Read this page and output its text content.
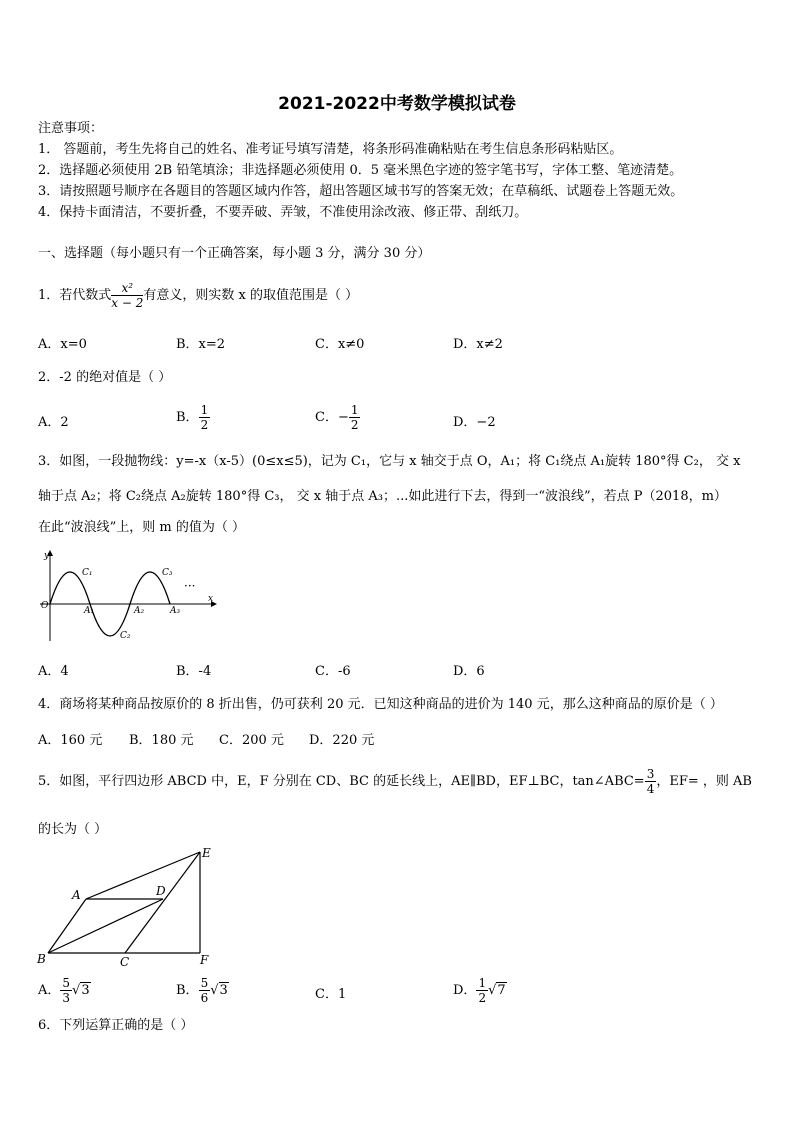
2021-2022中考数学模拟试卷
注意事项：
1． 答题前，考生先将自己的姓名、准考证号填写清楚，将条形码准确粘贴在考生信息条形码粘贴区。
2．选择题必须使用 2B 铅笔填涂；非选择题必须使用 0．5 毫米黑色字迹的签字笔书写，字体工整、笔迹清楚。
3．请按照题号顺序在各题目的答题区域内作答，超出答题区域书写的答案无效；在草稿纸、试题卷上答题无效。
4．保持卡面清洁，不要折叠，不要弄破、弄皱，不准使用涂改液、修正带、刮纸刀。
一、选择题（每小题只有一个正确答案，每小题 3 分，满分 30 分）
1．若代数式 $\frac{\text{x²}}{x - 2}$ 有意义，则实数 x 的取值范围是（ ）
A．x=0	B．x=2	C．x≠0	D．x≠2
2．-2 的绝对值是（ ）
A．2	B． $\frac{1}{2}$	C．− $\frac{1}{2}$	D．−2
3．如图，一段抛物线：y=-x（x-5）(0≤x≤5)，记为 C₁，它与 x 轴交于点 O，A₁；将 C₁绕点 A₁旋转 180°得 C₂， 交 x
轴于点 A₂；将 C₂绕点 A₂旋转 180°得 C₃， 交 x 轴于点 A₃；...如此进行下去，得到一“波浪线”，若点 P（2018，m）
在此“波浪线”上，则 m 的值为（ ）
y
x
O
C₁
C₂
C₃
A₁	A₂	A₃
···
A．4	B．-4	C．-6	D．6
4．商场将某种商品按原价的 8 折出售，仍可获利 20 元．已知这种商品的进价为 140 元，那么这种商品的原价是（ ）
A．160 元 B．180 元 C．200 元 D．220 元
5．如图，平行四边形 ABCD 中，E，F 分别在 CD、BC 的延长线上，AE∥BD，EF⊥BC，tan∠ABC= $\frac{3}{4}$ ，EF= ，则 AB
的长为（ ）
A
B	C
D
E
F
A． $\frac{5}{3} √3$	B． $\frac{5}{6} √3$	C．1	D． $\frac{1}{2} √7$
6．下列运算正确的是（ ）
